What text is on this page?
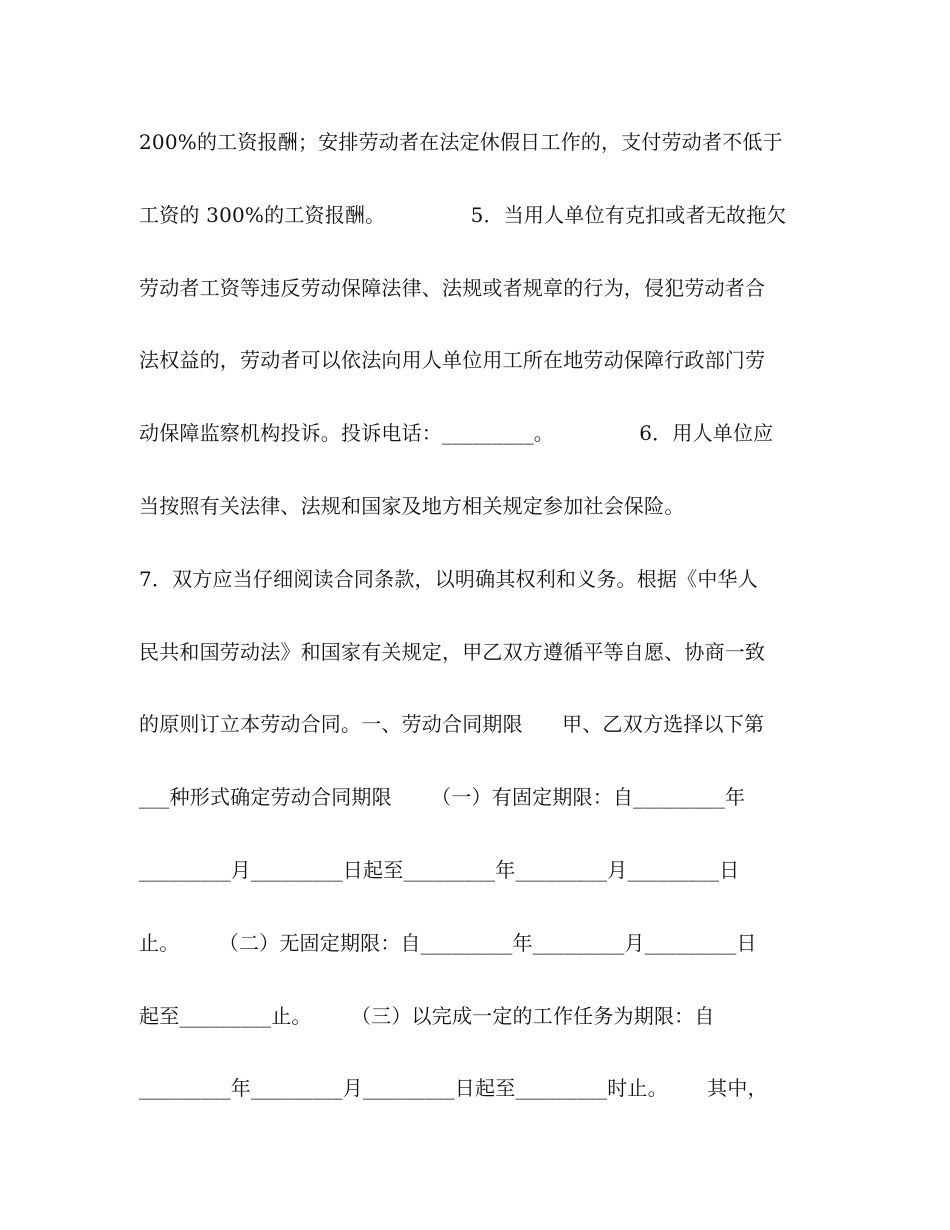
200%的工资报酬；安排劳动者在法定休假日工作的，支付劳动者不低于
工资的 300%的工资报酬。             5．当用人单位有克扣或者无故拖欠
劳动者工资等违反劳动保障法律、法规或者规章的行为，侵犯劳动者合
法权益的，劳动者可以依法向用人单位用工所在地劳动保障行政部门劳
动保障监察机构投诉。投诉电话：_________。             6．用人单位应
当按照有关法律、法规和国家及地方相关规定参加社会保险。
7．双方应当仔细阅读合同条款，以明确其权利和义务。根据《中华人
民共和国劳动法》和国家有关规定，甲乙双方遵循平等自愿、协商一致
的原则订立本劳动合同。一、劳动合同期限      甲、乙双方选择以下第
___种形式确定劳动合同期限      （一）有固定期限：自_________年
_________月_________日起至_________年_________月_________日
止。      （二）无固定期限：自_________年_________月_________日
起至_________止。      （三）以完成一定的工作任务为期限：自
_________年_________月_________日起至_________时止。      其中，
